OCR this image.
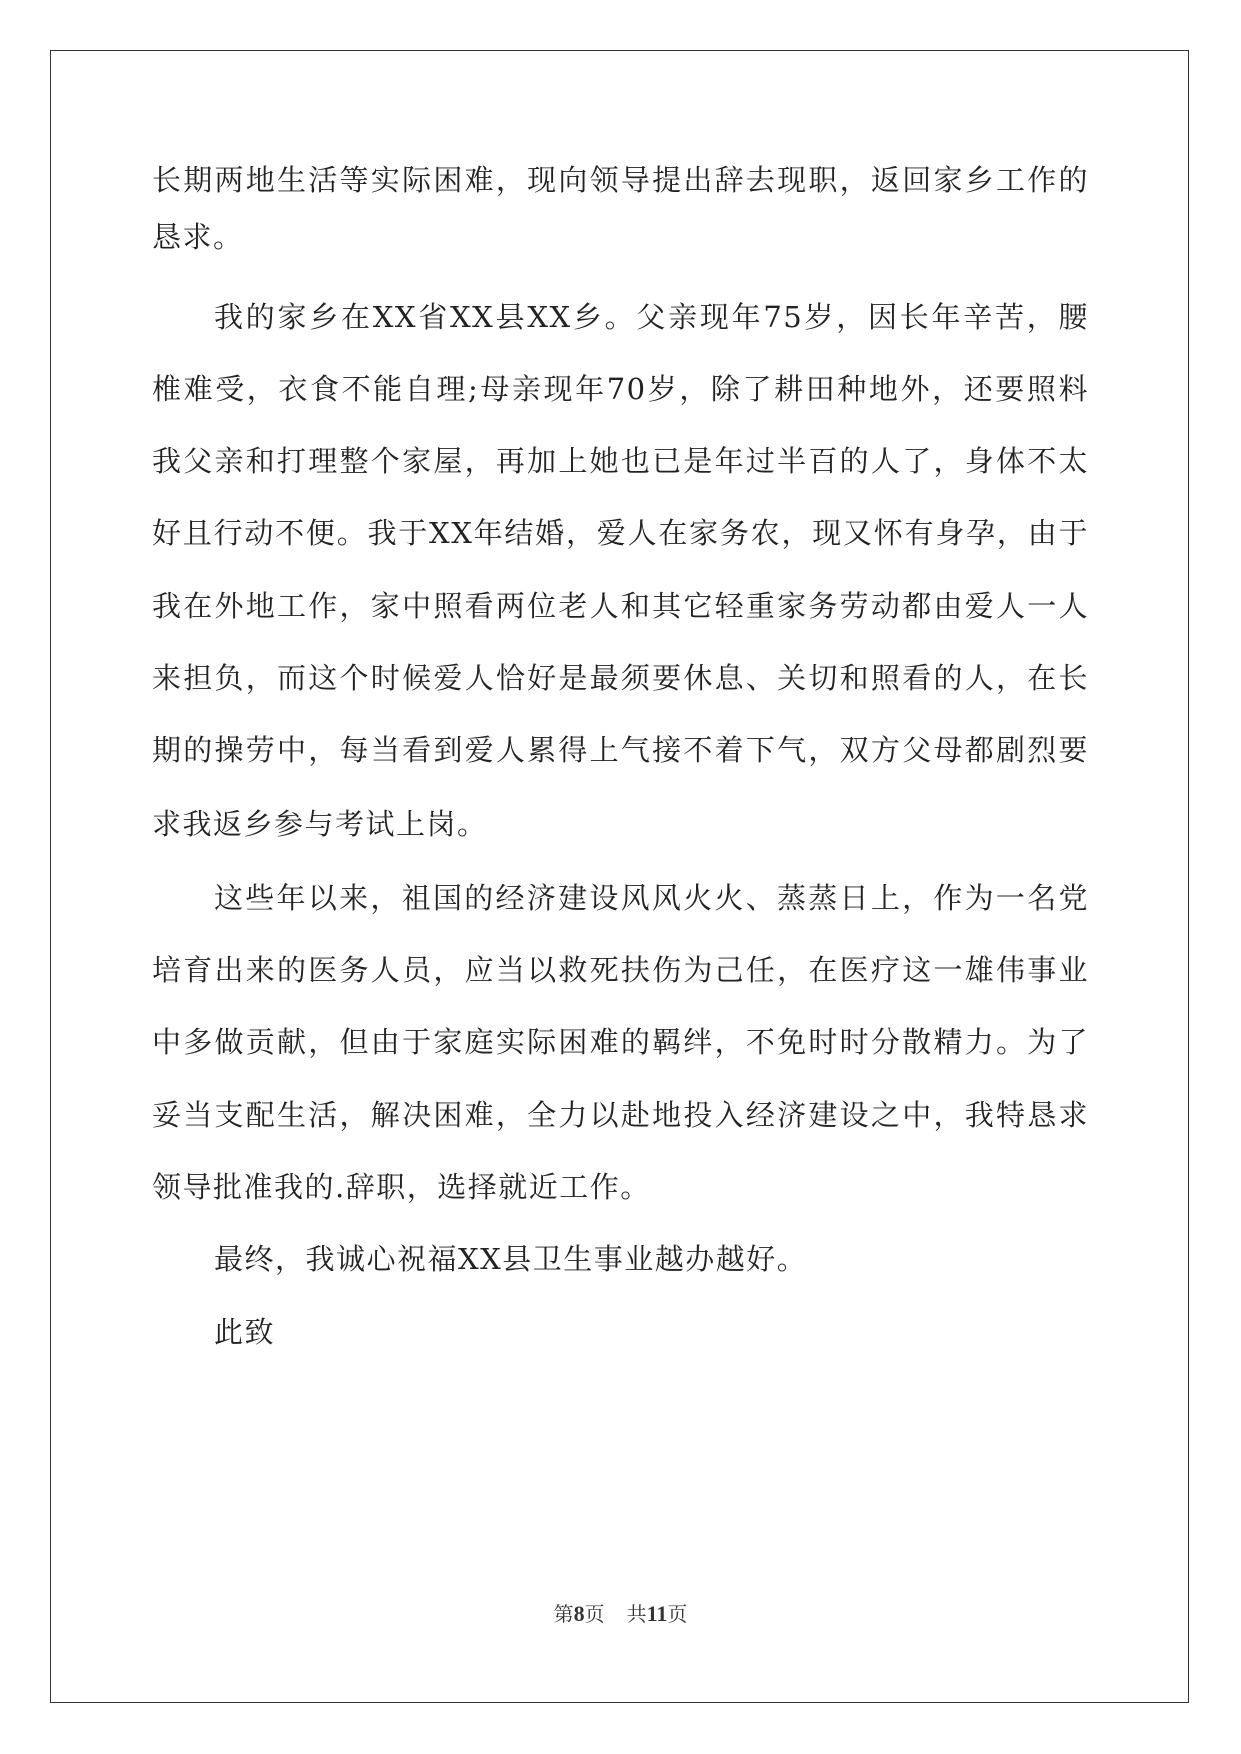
长期两地生活等实际困难，现向领导提出辞去现职，返回家乡工作的
恳求。
我的家乡在XX省XX县XX乡。父亲现年75岁，因长年辛苦，腰
椎难受，衣食不能自理;母亲现年70岁，除了耕田种地外，还要照料
我父亲和打理整个家屋，再加上她也已是年过半百的人了，身体不太
好且行动不便。我于XX年结婚，爱人在家务农，现又怀有身孕，由于
我在外地工作，家中照看两位老人和其它轻重家务劳动都由爱人一人
来担负，而这个时候爱人恰好是最须要休息、关切和照看的人，在长
期的操劳中，每当看到爱人累得上气接不着下气，双方父母都剧烈要
求我返乡参与考试上岗。
这些年以来，祖国的经济建设风风火火、蒸蒸日上，作为一名党
培育出来的医务人员，应当以救死扶伤为己任，在医疗这一雄伟事业
中多做贡献，但由于家庭实际困难的羁绊，不免时时分散精力。为了
妥当支配生活，解决困难，全力以赴地投入经济建设之中，我特恳求
领导批准我的.辞职，选择就近工作。
最终，我诚心祝福XX县卫生事业越办越好。
此致
第8页 共11页
